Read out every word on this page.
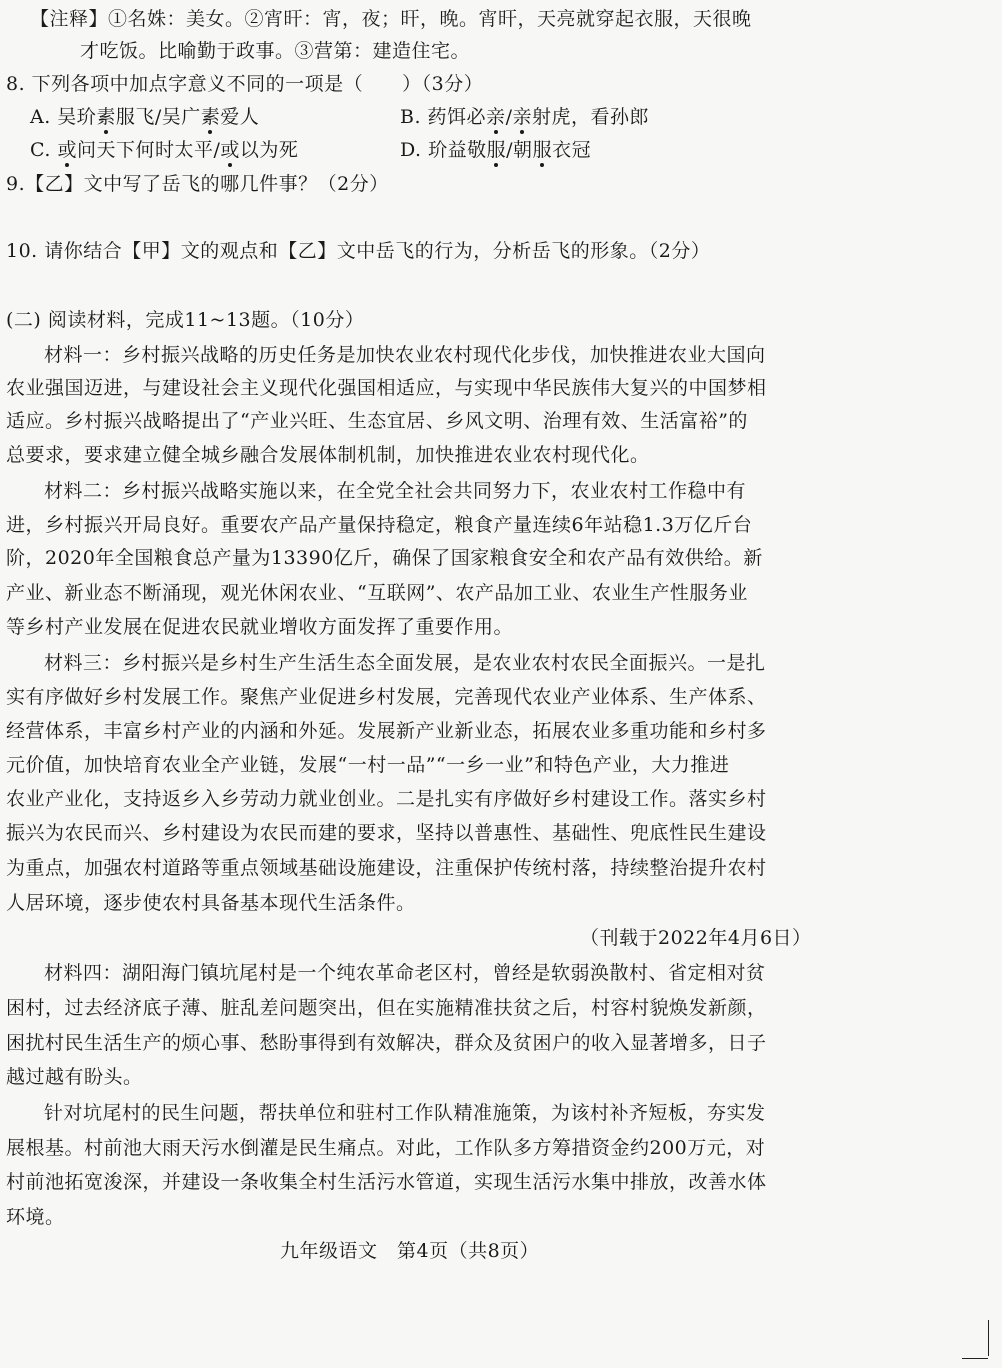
【注释】①名姝：美女。②宵旰：宵，夜；旰，晚。宵旰，天亮就穿起衣服，天很晚
才吃饭。比喻勤于政事。③营第：建造住宅。
8. 下列各项中加点字意义不同的一项是（　　）（3分）
A. 吴玠素服飞/吴广素爱人	B. 药饵必亲/亲射虎，看孙郎
C. 或问天下何时太平/或以为死	D. 玠益敬服/朝服衣冠
9.【乙】文中写了岳飞的哪几件事？（2分）
10. 请你结合【甲】文的观点和【乙】文中岳飞的行为，分析岳飞的形象。（2分）
(二) 阅读材料，完成11~13题。（10分）
材料一：乡村振兴战略的历史任务是加快农业农村现代化步伐，加快推进农业大国向
农业强国迈进，与建设社会主义现代化强国相适应，与实现中华民族伟大复兴的中国梦相
适应。乡村振兴战略提出了“产业兴旺、生态宜居、乡风文明、治理有效、生活富裕”的
总要求，要求建立健全城乡融合发展体制机制，加快推进农业农村现代化。
材料二：乡村振兴战略实施以来，在全党全社会共同努力下，农业农村工作稳中有
进，乡村振兴开局良好。重要农产品产量保持稳定，粮食产量连续6年站稳1.3万亿斤台
阶，2020年全国粮食总产量为13390亿斤，确保了国家粮食安全和农产品有效供给。新
产业、新业态不断涌现，观光休闲农业、“互联网”、农产品加工业、农业生产性服务业
等乡村产业发展在促进农民就业增收方面发挥了重要作用。
材料三：乡村振兴是乡村生产生活生态全面发展，是农业农村农民全面振兴。一是扎
实有序做好乡村发展工作。聚焦产业促进乡村发展，完善现代农业产业体系、生产体系、
经营体系，丰富乡村产业的内涵和外延。发展新产业新业态，拓展农业多重功能和乡村多
元价值，加快培育农业全产业链，发展“一村一品”“一乡一业”和特色产业，大力推进
农业产业化，支持返乡入乡劳动力就业创业。二是扎实有序做好乡村建设工作。落实乡村
振兴为农民而兴、乡村建设为农民而建的要求，坚持以普惠性、基础性、兜底性民生建设
为重点，加强农村道路等重点领域基础设施建设，注重保护传统村落，持续整治提升农村
人居环境，逐步使农村具备基本现代生活条件。
（刊载于2022年4月6日）
材料四：湖阳海门镇坑尾村是一个纯农革命老区村，曾经是软弱涣散村、省定相对贫
困村，过去经济底子薄、脏乱差问题突出，但在实施精准扶贫之后，村容村貌焕发新颜，
困扰村民生活生产的烦心事、愁盼事得到有效解决，群众及贫困户的收入显著增多，日子
越过越有盼头。
针对坑尾村的民生问题，帮扶单位和驻村工作队精准施策，为该村补齐短板，夯实发
展根基。村前池大雨天污水倒灌是民生痛点。对此，工作队多方筹措资金约200万元，对
村前池拓宽浚深，并建设一条收集全村生活污水管道，实现生活污水集中排放，改善水体
环境。
九年级语文　第4页（共8页）
